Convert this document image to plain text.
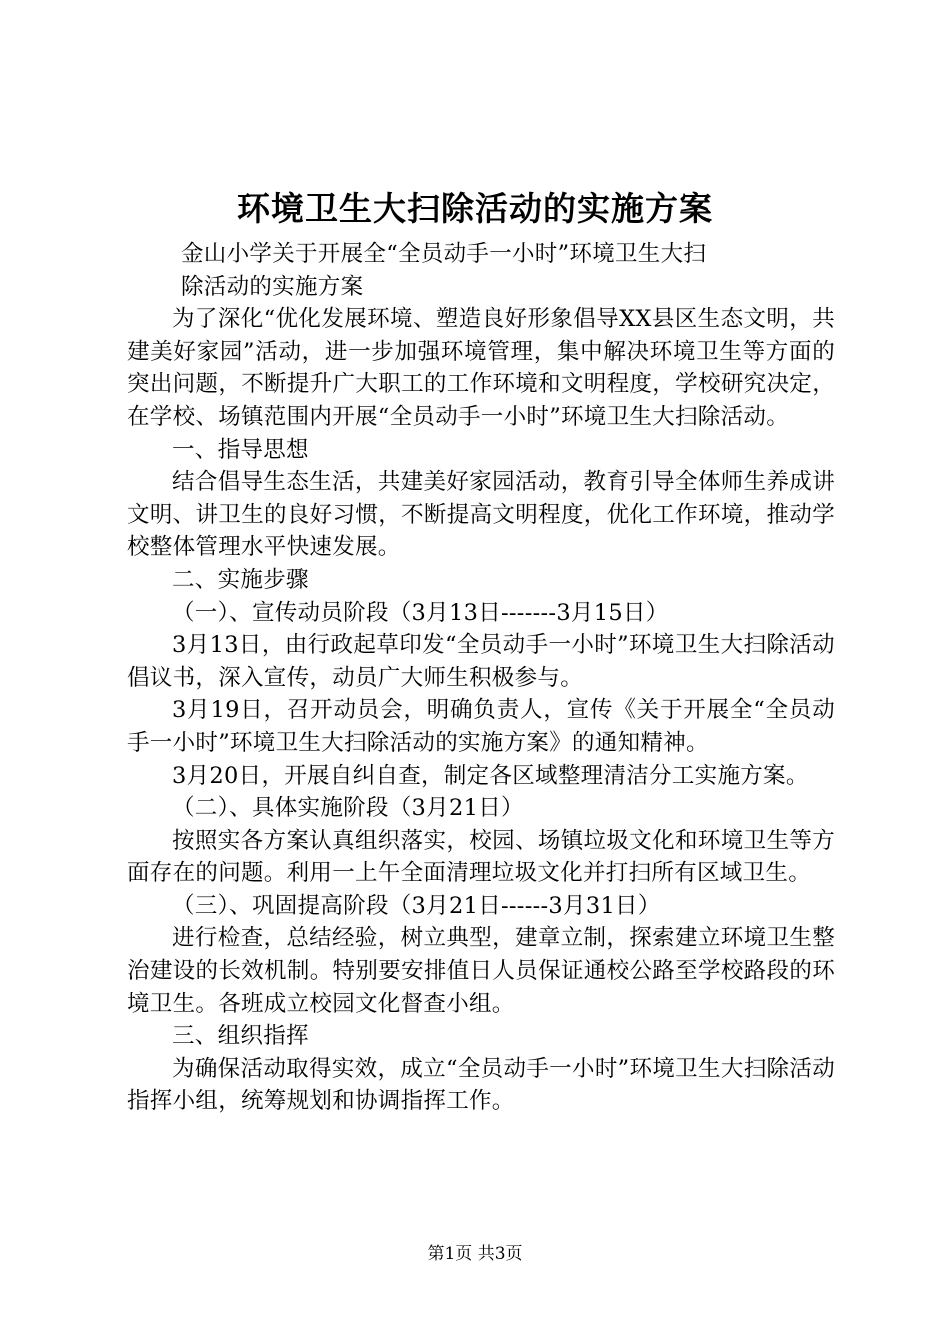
环境卫生大扫除活动的实施方案

金山小学关于开展全“全员动手一小时”环境卫生大扫

除活动的实施方案

为了深化“优化发展环境、塑造良好形象倡导XX县区生态文明，共建美好家园”活动，进一步加强环境管理，集中解决环境卫生等方面的突出问题，不断提升广大职工的工作环境和文明程度，学校研究决定，在学校、场镇范围内开展“全员动手一小时”环境卫生大扫除活动。

一、指导思想

结合倡导生态生活，共建美好家园活动，教育引导全体师生养成讲文明、讲卫生的良好习惯，不断提高文明程度，优化工作环境，推动学校整体管理水平快速发展。

二、实施步骤

（一）、宣传动员阶段（3月13日-------3月15日）

3月13日，由行政起草印发“全员动手一小时”环境卫生大扫除活动倡议书，深入宣传，动员广大师生积极参与。

3月19日，召开动员会，明确负责人，宣传《关于开展全“全员动手一小时”环境卫生大扫除活动的实施方案》的通知精神。

3月20日，开展自纠自查，制定各区域整理清洁分工实施方案。

（二）、具体实施阶段（3月21日）

按照实各方案认真组织落实，校园、场镇垃圾文化和环境卫生等方面存在的问题。利用一上午全面清理垃圾文化并打扫所有区域卫生。

（三）、巩固提高阶段（3月21日------3月31日）

进行检查，总结经验，树立典型，建章立制，探索建立环境卫生整治建设的长效机制。特别要安排值日人员保证通校公路至学校路段的环境卫生。各班成立校园文化督查小组。

三、组织指挥

为确保活动取得实效，成立“全员动手一小时”环境卫生大扫除活动指挥小组，统筹规划和协调指挥工作。

第1页 共3页
